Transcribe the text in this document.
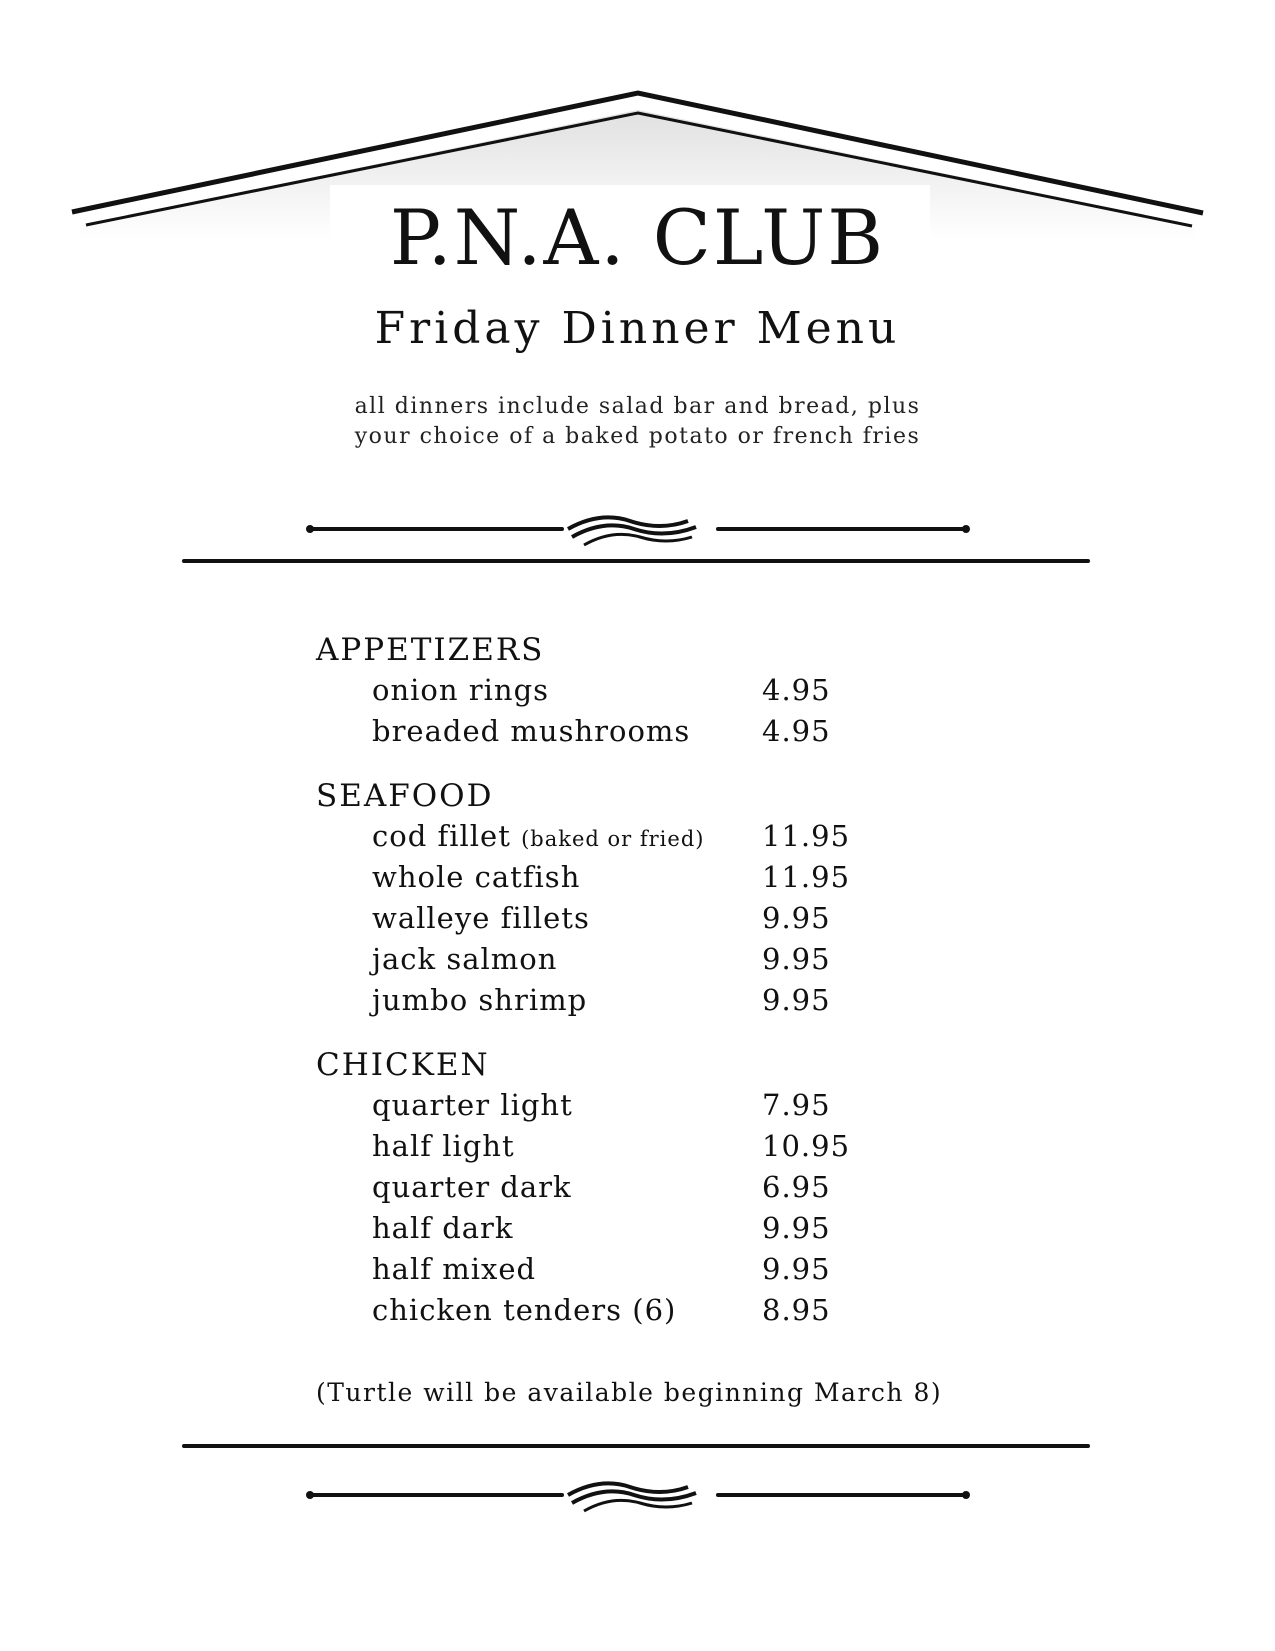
P.N.A. CLUB
Friday Dinner Menu
all dinners include salad bar and bread, plus
your choice of a baked potato or french fries
APPETIZERS
onion rings	4.95
breaded mushrooms 4.95
SEAFOOD
cod fillet (baked or fried) 11.95
whole catfish	11.95
walleye fillets	9.95
jack salmon	9.95
jumbo shrimp	9.95
CHICKEN
quarter light	7.95
half light	10.95
quarter dark	6.95
half dark	9.95
half mixed	9.95
chicken tenders (6)	8.95
(Turtle will be available beginning March 8)
